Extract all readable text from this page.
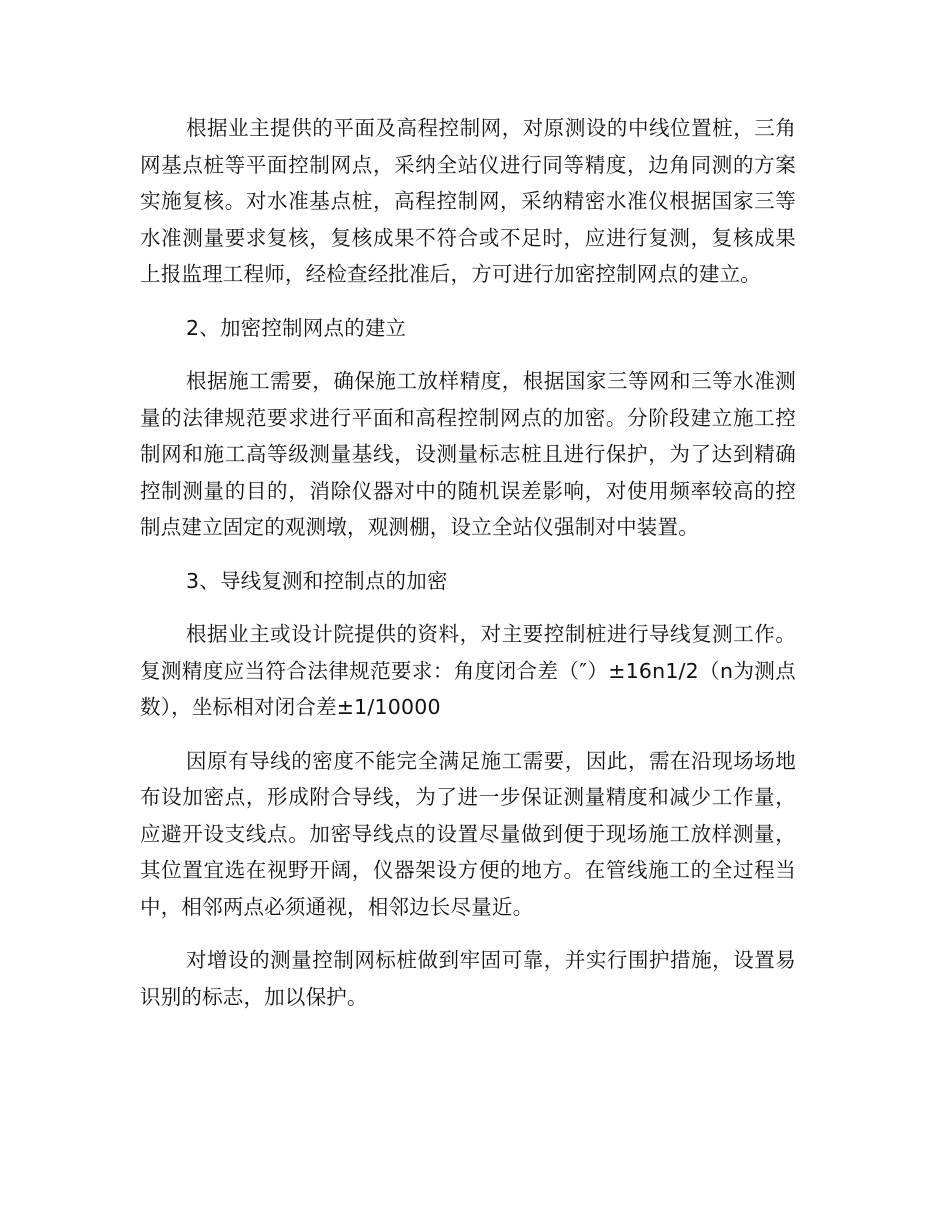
根据业主提供的平面及高程控制网，对原测设的中线位置桩，三角网基点桩等平面控制网点，采纳全站仪进行同等精度，边角同测的方案实施复核。对水准基点桩，高程控制网，采纳精密水准仪根据国家三等水准测量要求复核，复核成果不符合或不足时，应进行复测，复核成果上报监理工程师，经检查经批准后，方可进行加密控制网点的建立。

2、加密控制网点的建立

根据施工需要，确保施工放样精度，根据国家三等网和三等水准测量的法律规范要求进行平面和高程控制网点的加密。分阶段建立施工控制网和施工高等级测量基线，设测量标志桩且进行保护，为了达到精确控制测量的目的，消除仪器对中的随机误差影响，对使用频率较高的控制点建立固定的观测墩，观测棚，设立全站仪强制对中装置。

3、导线复测和控制点的加密

根据业主或设计院提供的资料，对主要控制桩进行导线复测工作。复测精度应当符合法律规范要求：角度闭合差（″）±16n1/2（n为测点数），坐标相对闭合差±1/10000

因原有导线的密度不能完全满足施工需要，因此，需在沿现场场地布设加密点，形成附合导线，为了进一步保证测量精度和减少工作量，应避开设支线点。加密导线点的设置尽量做到便于现场施工放样测量，其位置宜选在视野开阔，仪器架设方便的地方。在管线施工的全过程当中，相邻两点必须通视，相邻边长尽量近。

对增设的测量控制网标桩做到牢固可靠，并实行围护措施，设置易识别的标志，加以保护。
